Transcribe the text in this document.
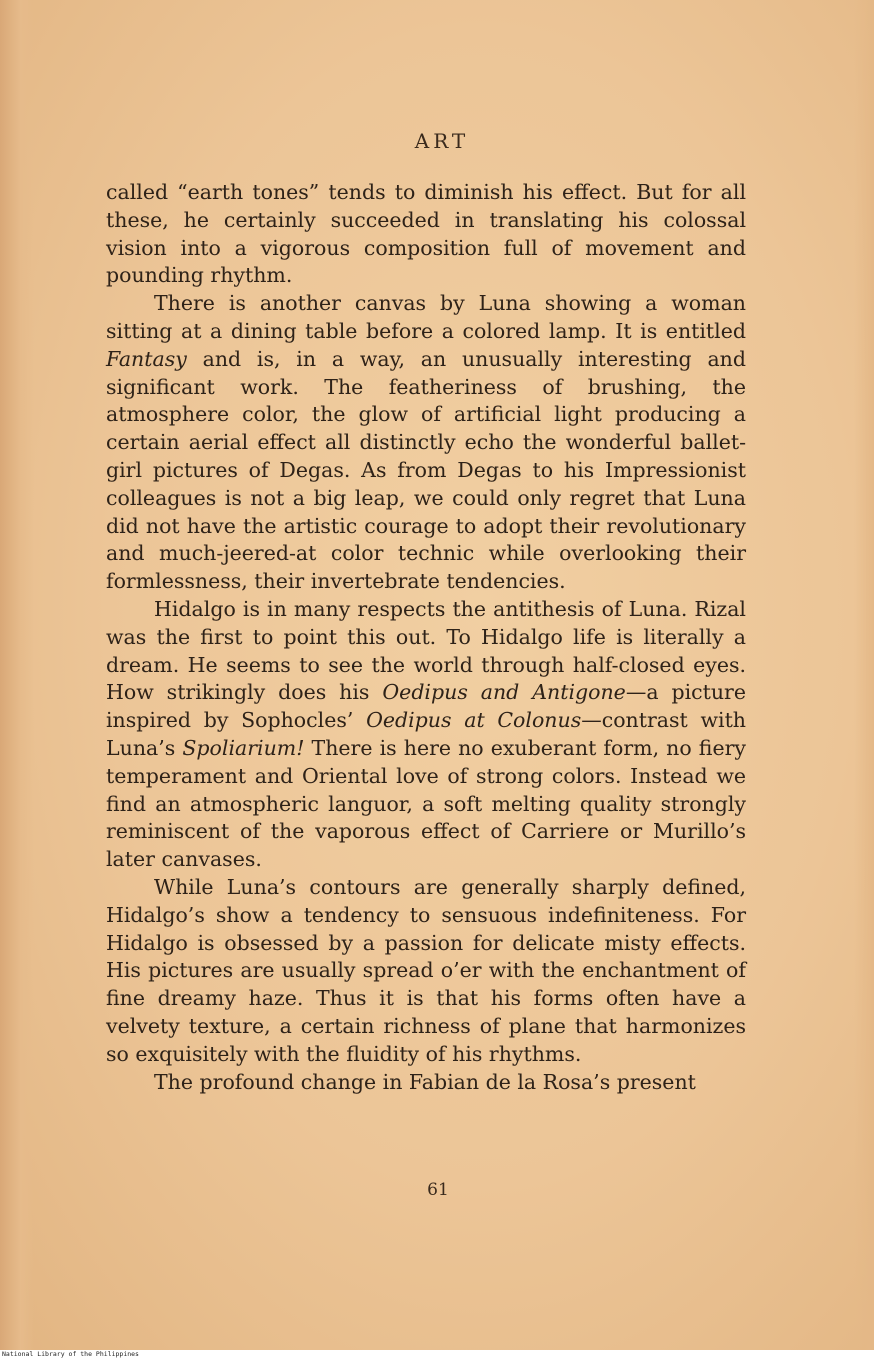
ART

called “earth tones” tends to diminish his effect. But for all these, he certainly succeeded in translating his colossal vision into a vigorous composition full of movement and pounding rhythm.

There is another canvas by Luna showing a woman sitting at a dining table before a colored lamp. It is entitled Fantasy and is, in a way, an unusually interesting and significant work. The featheriness of brushing, the atmosphere color, the glow of artificial light producing a certain aerial effect all distinctly echo the wonderful ballet-girl pictures of Degas. As from Degas to his Impressionist colleagues is not a big leap, we could only regret that Luna did not have the artistic courage to adopt their revolutionary and much-jeered-at color technic while overlooking their formlessness, their invertebrate tendencies.

Hidalgo is in many respects the antithesis of Luna. Rizal was the first to point this out. To Hidalgo life is literally a dream. He seems to see the world through half-closed eyes. How strikingly does his Oedipus and Antigone—a picture inspired by Sophocles’ Oedipus at Colonus—contrast with Luna’s Spoliarium! There is here no exuberant form, no fiery temperament and Oriental love of strong colors. Instead we find an atmospheric languor, a soft melting quality strongly reminiscent of the vaporous effect of Carriere or Murillo’s later canvases.

While Luna’s contours are generally sharply defined, Hidalgo’s show a tendency to sensuous indefiniteness. For Hidalgo is obsessed by a passion for delicate misty effects. His pictures are usually spread o’er with the enchantment of fine dreamy haze. Thus it is that his forms often have a velvety texture, a certain richness of plane that harmonizes so exquisitely with the fluidity of his rhythms.

The profound change in Fabian de la Rosa’s present

61
National Library of the Philippines
